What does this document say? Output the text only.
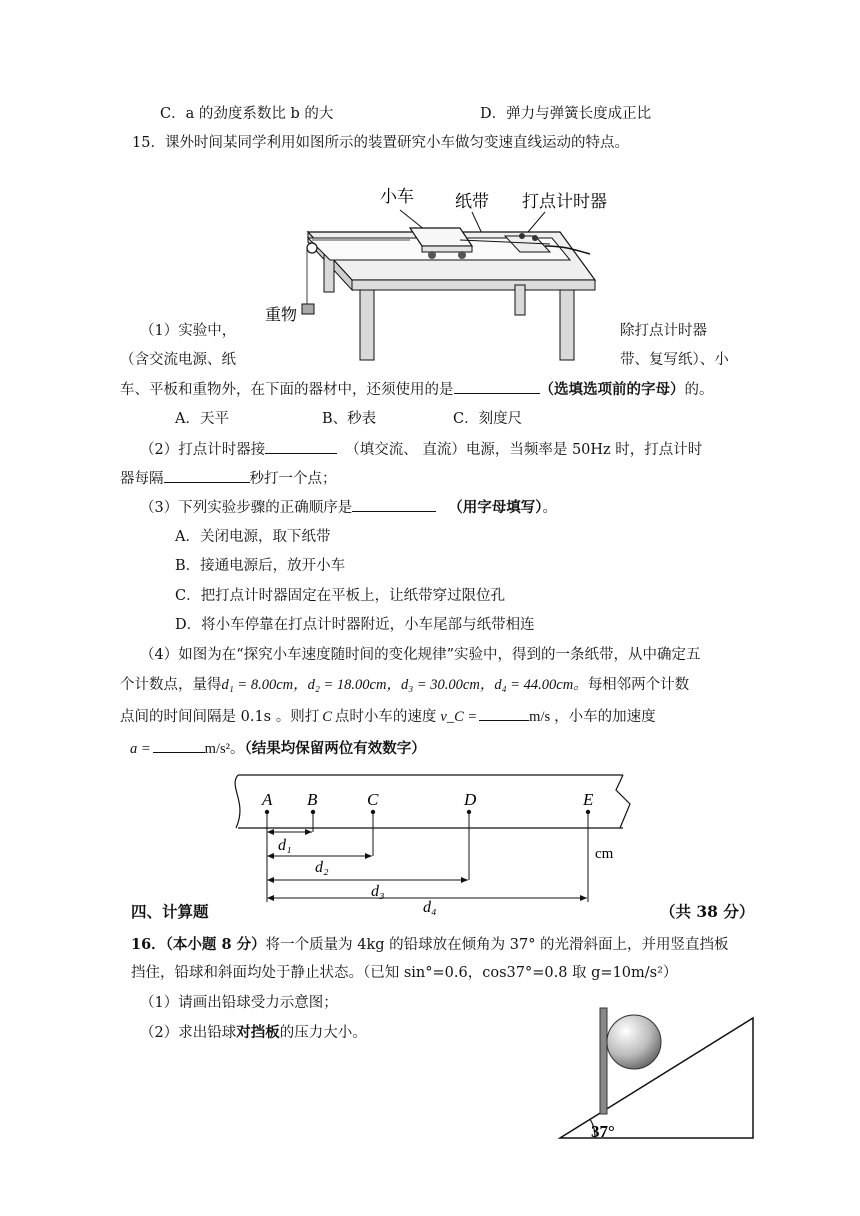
C．a 的劲度系数比 b 的大	D．弹力与弹簧长度成正比
15．课外时间某同学利用如图所示的装置研究小车做匀变速直线运动的特点。
小车 纸带 打点计时器
重物
（1）实验中，	除打点计时器
（含交流电源、纸	带、复写纸）、小
车、平板和重物外，在下面的器材中，还须使用的是	（选填选项前的字母）的。
A．天平	B、秒表	C．刻度尺
（2）打点计时器接	（填交流、 直流）电源，当频率是 50Hz 时，打点计时
器每隔	秒打一个点；
（3）下列实验步骤的正确顺序是	（用字母填写）。
A．关闭电源，取下纸带
B．接通电源后，放开小车
C．把打点计时器固定在平板上，让纸带穿过限位孔
D．将小车停靠在打点计时器附近，小车尾部与纸带相连
（4）如图为在“探究小车速度随时间的变化规律”实验中，得到的一条纸带，从中确定五
个计数点，量得d₁ = 8.00cm，d₂ = 18.00cm，d₃ = 30.00cm，d₄ = 44.00cm。每相邻两个计数
点间的时间间隔是 0.1s 。则打 C 点时小车的速度 v_C =	m/s ，小车的加速度
a =	m/s²。（结果均保留两位有效数字）
A B	C	D	E
d₁
d₂
d₃
d₄
cm
四、计算题	（共 38 分）
16．（本小题 8 分）将一个质量为 4kg 的铅球放在倾角为 37° 的光滑斜面上，并用竖直挡板
挡住，铅球和斜面均处于静止状态。（已知 sin°=0.6，cos37°=0.8 取 g=10m/s²）
（1）请画出铅球受力示意图；
（2）求出铅球对挡板的压力大小。
37°
